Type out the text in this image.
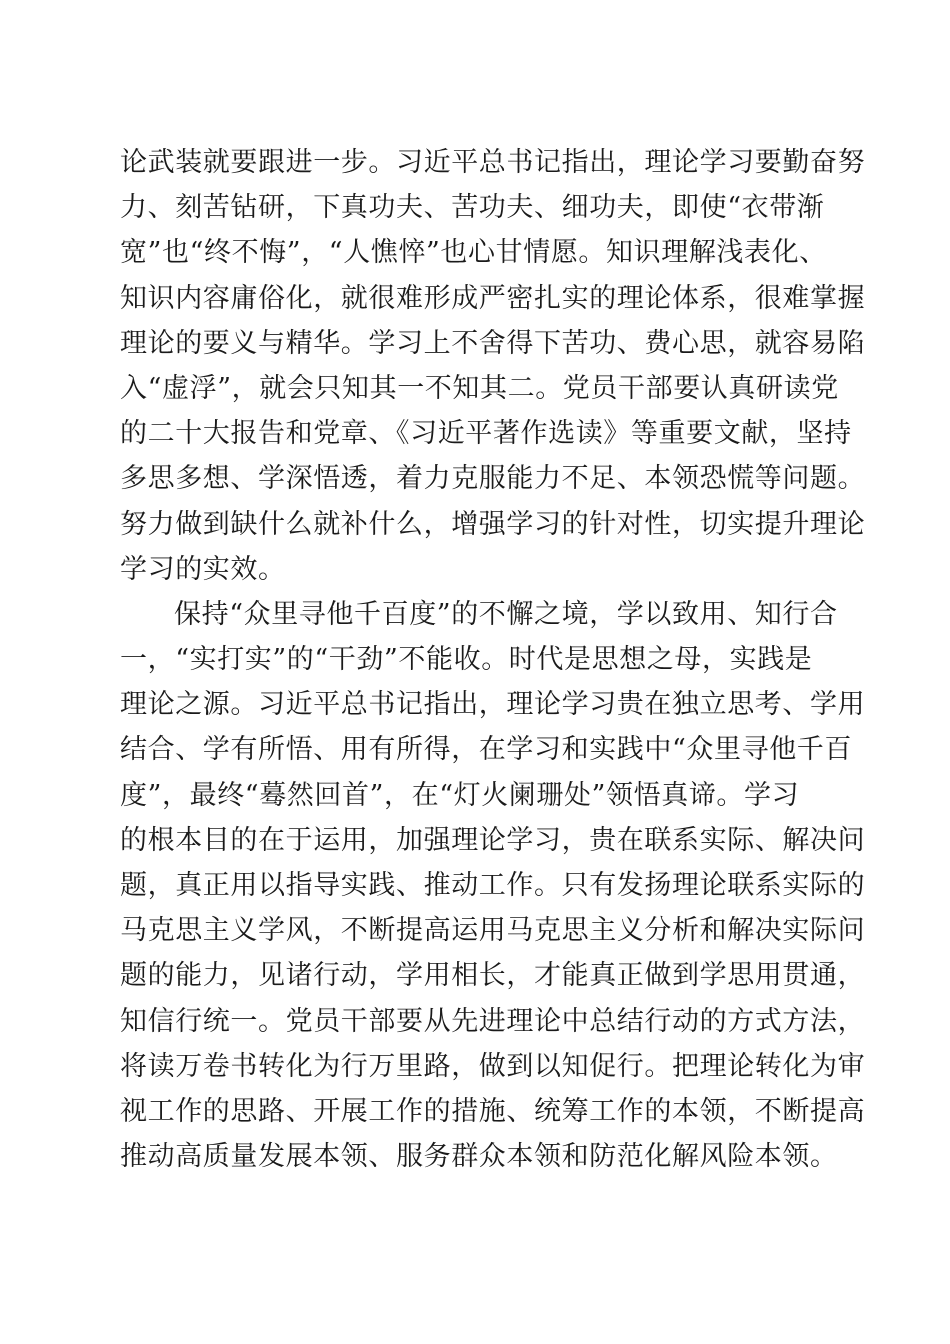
论武装就要跟进一步。习近平总书记指出，理论学习要勤奋努
力、刻苦钻研，下真功夫、苦功夫、细功夫，即使“衣带渐
宽”也“终不悔”，“人憔悴”也心甘情愿。知识理解浅表化、
知识内容庸俗化，就很难形成严密扎实的理论体系，很难掌握
理论的要义与精华。学习上不舍得下苦功、费心思，就容易陷
入“虚浮”，就会只知其一不知其二。党员干部要认真研读党
的二十大报告和党章、《习近平著作选读》等重要文献，坚持
多思多想、学深悟透，着力克服能力不足、本领恐慌等问题。
努力做到缺什么就补什么，增强学习的针对性，切实提升理论
学习的实效。
保持“众里寻他千百度”的不懈之境，学以致用、知行合
一，“实打实”的“干劲”不能收。时代是思想之母，实践是
理论之源。习近平总书记指出，理论学习贵在独立思考、学用
结合、学有所悟、用有所得，在学习和实践中“众里寻他千百
度”，最终“蓦然回首”，在“灯火阑珊处”领悟真谛。学习
的根本目的在于运用，加强理论学习，贵在联系实际、解决问
题，真正用以指导实践、推动工作。只有发扬理论联系实际的
马克思主义学风，不断提高运用马克思主义分析和解决实际问
题的能力，见诸行动，学用相长，才能真正做到学思用贯通，
知信行统一。党员干部要从先进理论中总结行动的方式方法，
将读万卷书转化为行万里路，做到以知促行。把理论转化为审
视工作的思路、开展工作的措施、统筹工作的本领，不断提高
推动高质量发展本领、服务群众本领和防范化解风险本领。
